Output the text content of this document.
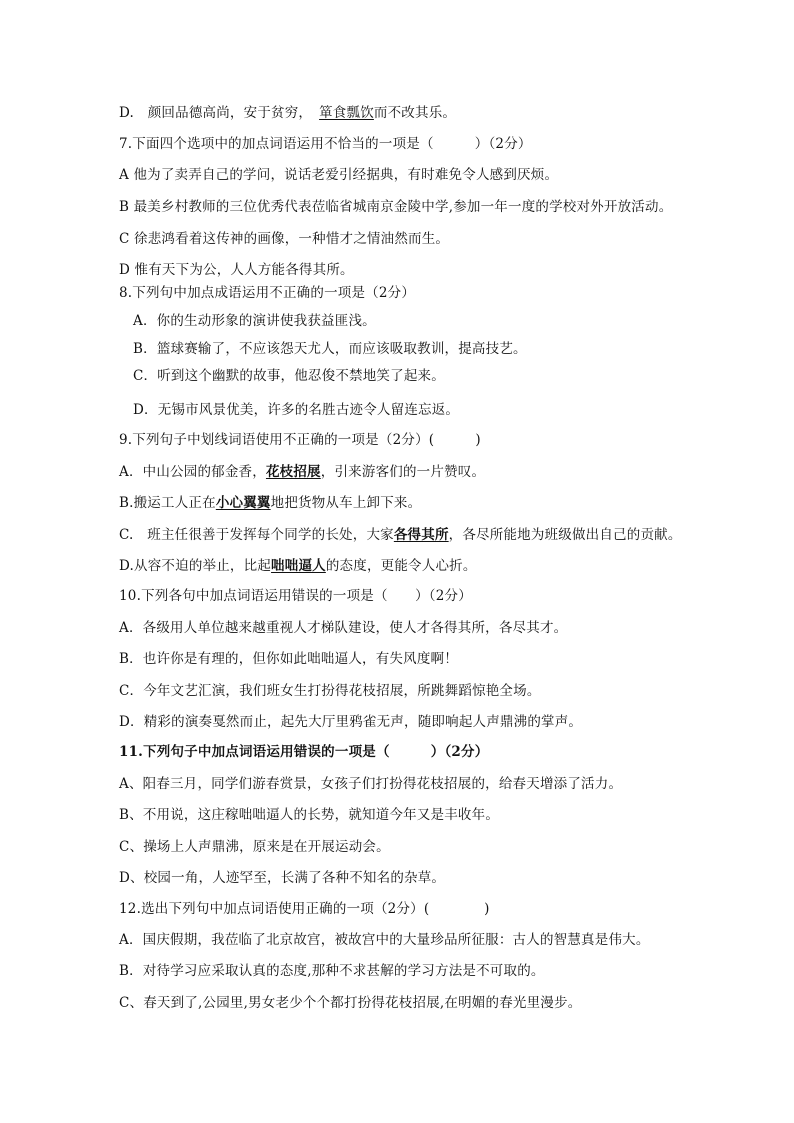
D.　颜回品德高尚，安于贫穷，　箪食瓢饮而不改其乐。
7.下面四个选项中的加点词语运用不恰当的一项是（　　　）（2分）
A 他为了卖弄自己的学问，说话老爱引经据典，有时难免令人感到厌烦。
B 最美乡村教师的三位优秀代表莅临省城南京金陵中学,参加一年一度的学校对外开放活动。
C 徐悲鸿看着这传神的画像，一种惜才之情油然而生。
D 惟有天下为公，人人方能各得其所。
8.下列句中加点成语运用不正确的一项是（2分）
A．你的生动形象的演讲使我获益匪浅。
B．篮球赛输了，不应该怨天尤人，而应该吸取教训，提高技艺。
C．听到这个幽默的故事，他忍俊不禁地笑了起来。
D．无锡市风景优美，许多的名胜古迹令人留连忘返。
9.下列句子中划线词语使用不正确的一项是（2分）(　　　)
A．中山公园的郁金香，花枝招展，引来游客们的一片赞叹。
B.搬运工人正在小心翼翼地把货物从车上卸下来。
C.　班主任很善于发挥每个同学的长处，大家各得其所，各尽所能地为班级做出自己的贡献。
D.从容不迫的举止，比起咄咄逼人的态度，更能令人心折。
10.下列各句中加点词语运用错误的一项是（　　）（2分）
A．各级用人单位越来越重视人才梯队建设，使人才各得其所，各尽其才。
B．也许你是有理的，但你如此咄咄逼人，有失风度啊！
C．今年文艺汇演，我们班女生打扮得花枝招展，所跳舞蹈惊艳全场。
D．精彩的演奏戛然而止，起先大厅里鸦雀无声，随即响起人声鼎沸的掌声。
11.下列句子中加点词语运用错误的一项是（　　　）（2分）
A、阳春三月，同学们游春赏景，女孩子们打扮得花枝招展的，给春天增添了活力。
B、不用说，这庄稼咄咄逼人的长势，就知道今年又是丰收年。
C、操场上人声鼎沸，原来是在开展运动会。
D、校园一角，人迹罕至，长满了各种不知名的杂草。
12.选出下列句中加点词语使用正确的一项（2分）(　　　　)
A．国庆假期，我莅临了北京故宫，被故宫中的大量珍品所征服：古人的智慧真是伟大。
B．对待学习应采取认真的态度,那种不求甚解的学习方法是不可取的。
C、春天到了,公园里,男女老少个个都打扮得花枝招展,在明媚的春光里漫步。
